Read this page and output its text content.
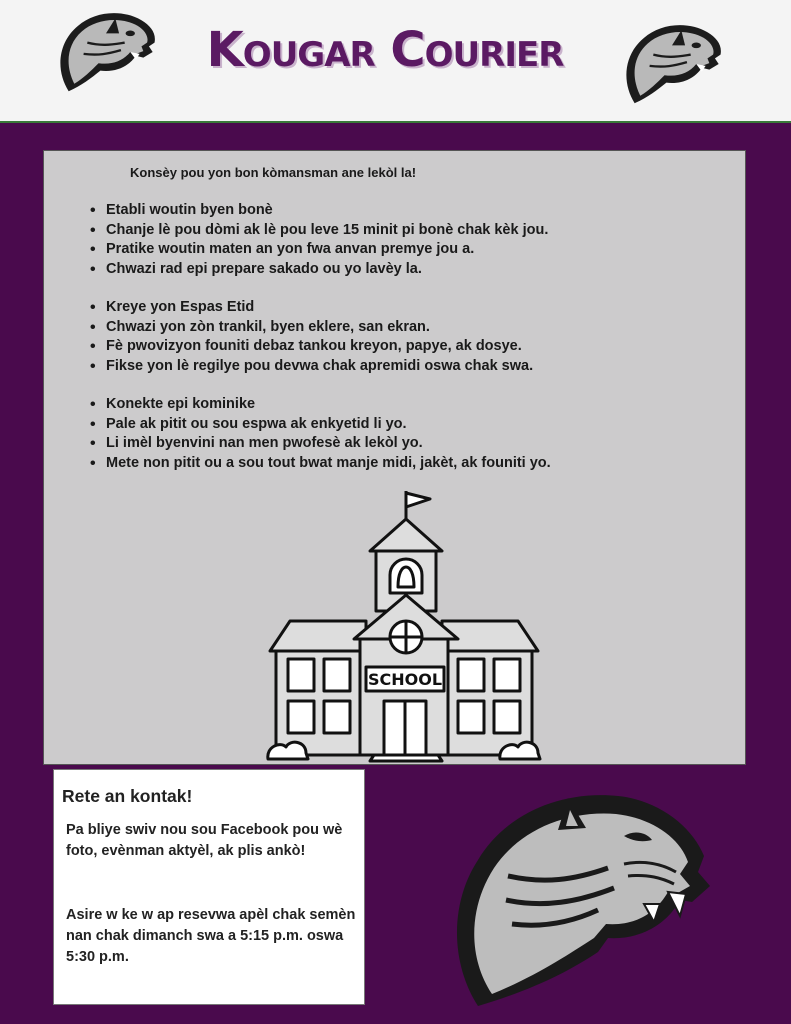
Kougar Courier
Konsèy pou yon bon kòmansman ane lekòl la!
• Etabli woutin byen bonè
• Chanje lè pou dòmi ak lè pou leve 15 minit pi bonè chak kèk jou.
• Pratike woutin maten an yon fwa anvan premye jou a.
• Chwazi rad epi prepare sakado ou yo lavèy la.
• Kreye yon Espas Etid
• Chwazi yon zòn trankil, byen eklere, san ekran.
• Fè pwovizyon founiti debaz tankou kreyon, papye, ak dosye.
• Fikse yon lè regilye pou devwa chak apremidi oswa chak swa.
• Konekte epi kominike
• Pale ak pitit ou sou espwa ak enkyetid li yo.
• Li imèl byenvini nan men pwofesè ak lekòl yo.
• Mete non pitit ou a sou tout bwat manje midi, jakèt, ak founiti yo.
SCHOOL
Rete an kontak!

Pa bliye swiv nou sou Facebook pou wè foto, evènman aktyèl, ak plis ankò!

Asire w ke w ap resevwa apèl chak semèn nan chak dimanch swa a 5:15 p.m. oswa 5:30 p.m.
